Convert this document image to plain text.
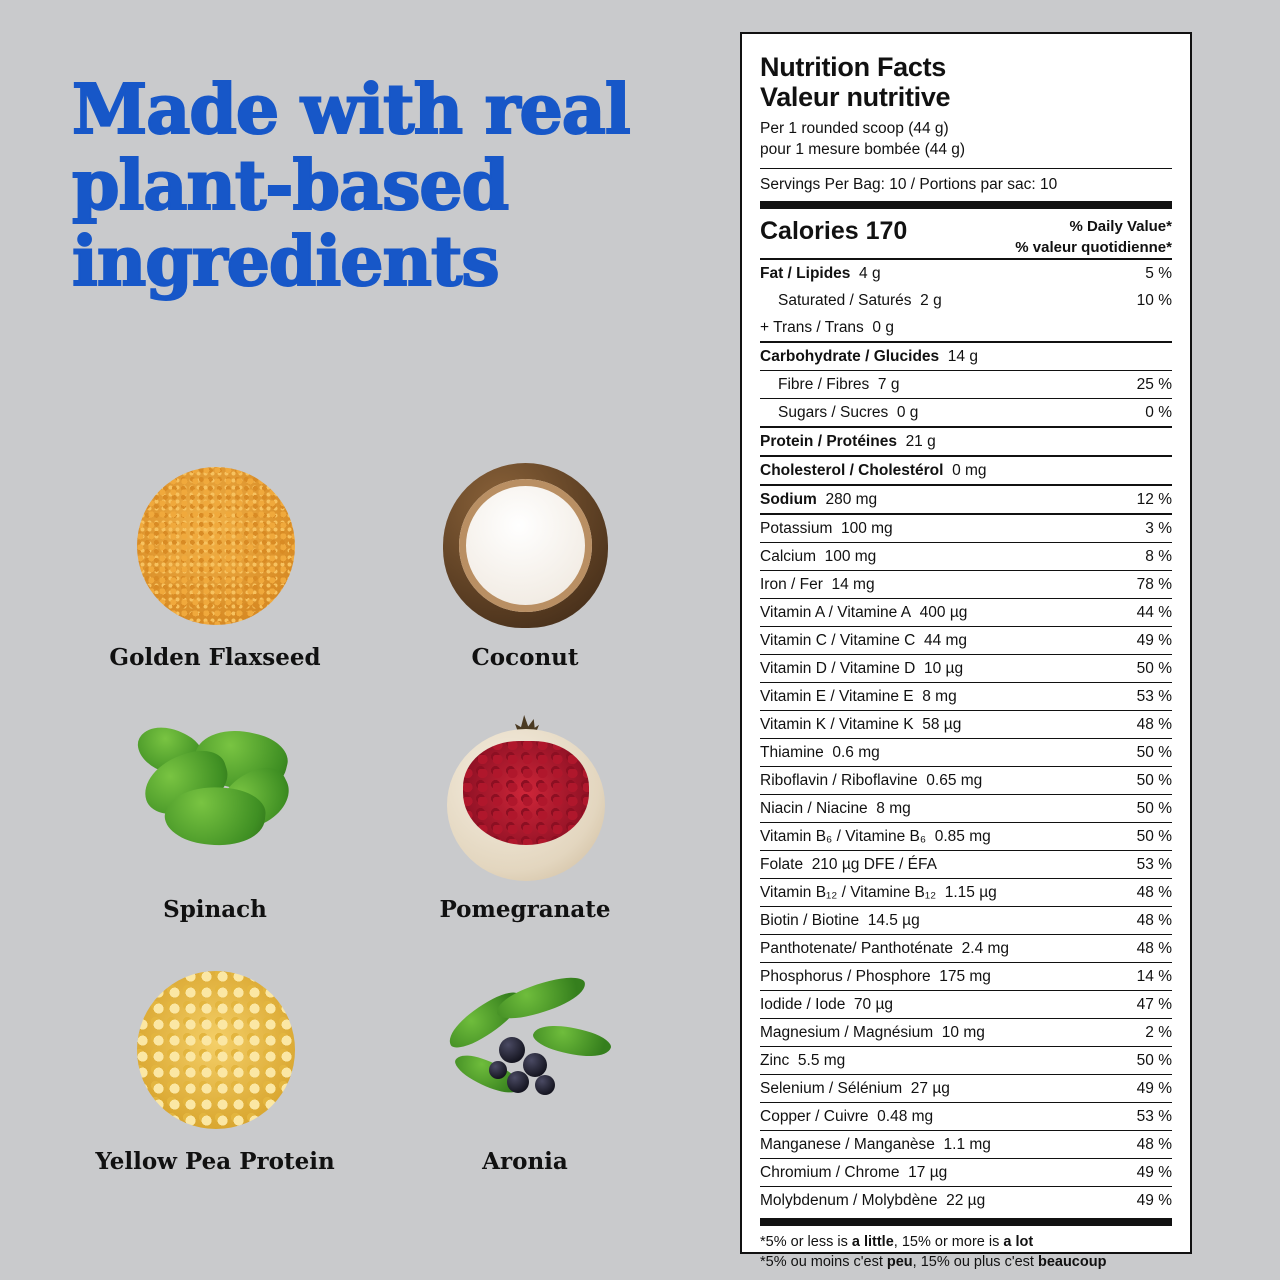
Made with real
plant-based
ingredients
Golden Flaxseed	Coconut
Spinach	Pomegranate
Yellow Pea Protein	Aronia
Nutrition Facts
Valeur nutritive
Per 1 rounded scoop (44 g)
pour 1 mesure bombée (44 g)
Servings Per Bag: 10 / Portions par sac: 10
Calories 170	% Daily Value*
% valeur quotidienne*
Fat / Lipides  4 g	5 %
Saturated / Saturés  2 g	10 %
+ Trans / Trans  0 g
Carbohydrate / Glucides  14 g
Fibre / Fibres  7 g	25 %
Sugars / Sucres  0 g	0 %
Protein / Protéines  21 g
Cholesterol / Cholestérol  0 mg
Sodium  280 mg	12 %
Potassium  100 mg	3 %
Calcium  100 mg	8 %
Iron / Fer  14 mg	78 %
Vitamin A / Vitamine A  400 µg	44 %
Vitamin C / Vitamine C  44 mg	49 %
Vitamin D / Vitamine D  10 µg	50 %
Vitamin E / Vitamine E  8 mg	53 %
Vitamin K / Vitamine K  58 µg	48 %
Thiamine  0.6 mg	50 %
Riboflavin / Riboflavine  0.65 mg	50 %
Niacin / Niacine  8 mg	50 %
Vitamin B₆ / Vitamine B₆  0.85 mg	50 %
Folate  210 µg DFE / ÉFA	53 %
Vitamin B₁₂ / Vitamine B₁₂  1.15 µg	48 %
Biotin / Biotine  14.5 µg	48 %
Panthotenate/ Panthoténate  2.4 mg	48 %
Phosphorus / Phosphore  175 mg	14 %
Iodide / Iode  70 µg	47 %
Magnesium / Magnésium  10 mg	2 %
Zinc  5.5 mg	50 %
Selenium / Sélénium  27 µg	49 %
Copper / Cuivre  0.48 mg	53 %
Manganese / Manganèse  1.1 mg	48 %
Chromium / Chrome  17 µg	49 %
Molybdenum / Molybdène  22 µg	49 %
*5% or less is a little, 15% or more is a lot
*5% ou moins c'est peu, 15% ou plus c'est beaucoup
